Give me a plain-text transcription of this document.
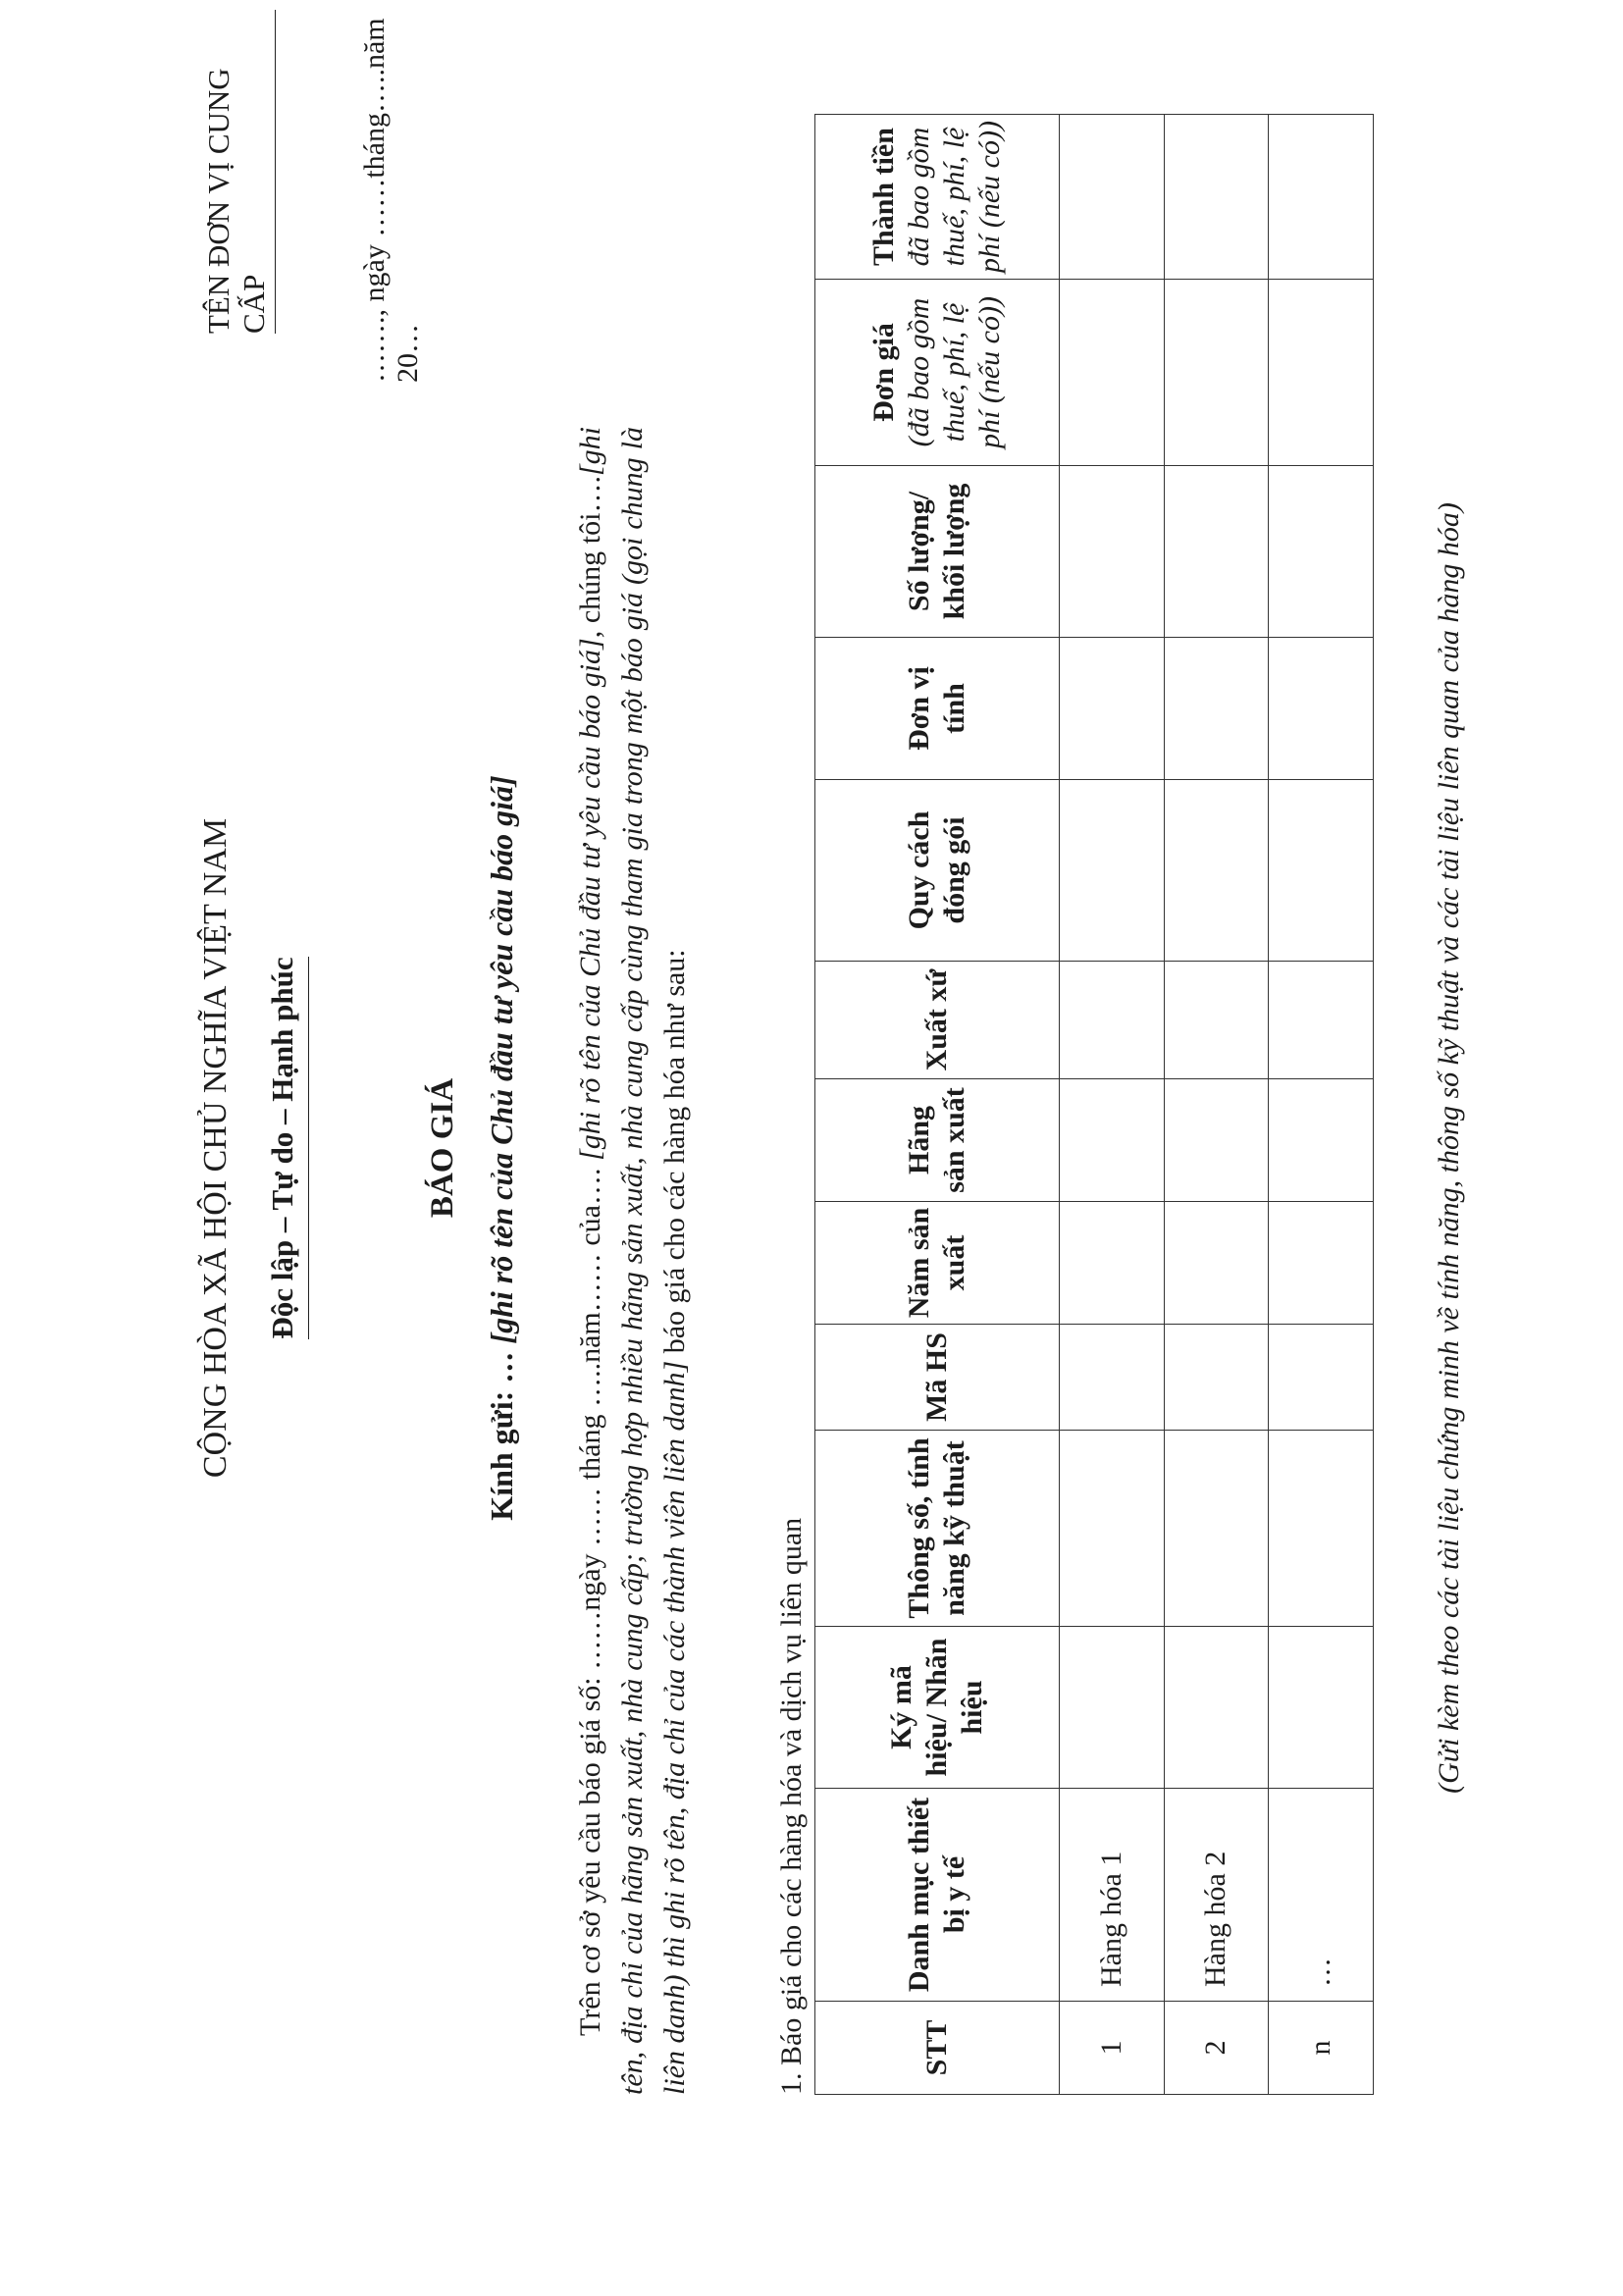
TÊN ĐƠN VỊ CUNG CẤP
CỘNG HÒA XÃ HỘI CHỦ NGHĨA VIỆT NAM Độc lập – Tự do – Hạnh phúc
……., ngày ……tháng…..năm 20…
BÁO GIÁ
Kính gửi: … [ghi rõ tên của Chủ đầu tư yêu cầu báo giá]

Trên cơ sở yêu cầu báo giá số: ……ngày …… tháng …..năm…… của…. [ghi rõ tên của Chủ đầu tư yêu cầu báo giá], chúng tôi….[ghi tên, địa chỉ của hãng sản xuất, nhà cung cấp; trường hợp nhiều hãng sản xuất, nhà cung cấp cùng tham gia trong một báo giá (gọi chung là liên danh) thì ghi rõ tên, địa chỉ của các thành viên liên danh] báo giá cho các hàng hóa như sau:

1. Báo giá cho các hàng hóa và dịch vụ liên quan	STT	Danh mục thiết bị y tế	Ký mã hiệu/ Nhãn hiệu	Thông số, tính năng kỹ thuật	Mã HS	Năm sản xuất	Hãng sản xuất	Xuất xứ	Quy cách đóng gói	Đơn vị tính	Số lượng/ khối lượng	Đơn giá (đã bao gồm thuế, phí, lệ phí (nếu có))	Thành tiền đã bao gồm thuế, phí, lệ phí (nếu có))

1	Hàng hóa 1											
2	Hàng hóa 2											
n	…											
(Gửi kèm theo các tài liệu chứng minh về tính năng, thông số kỹ thuật và các tài liệu liên quan của hàng hóa)
